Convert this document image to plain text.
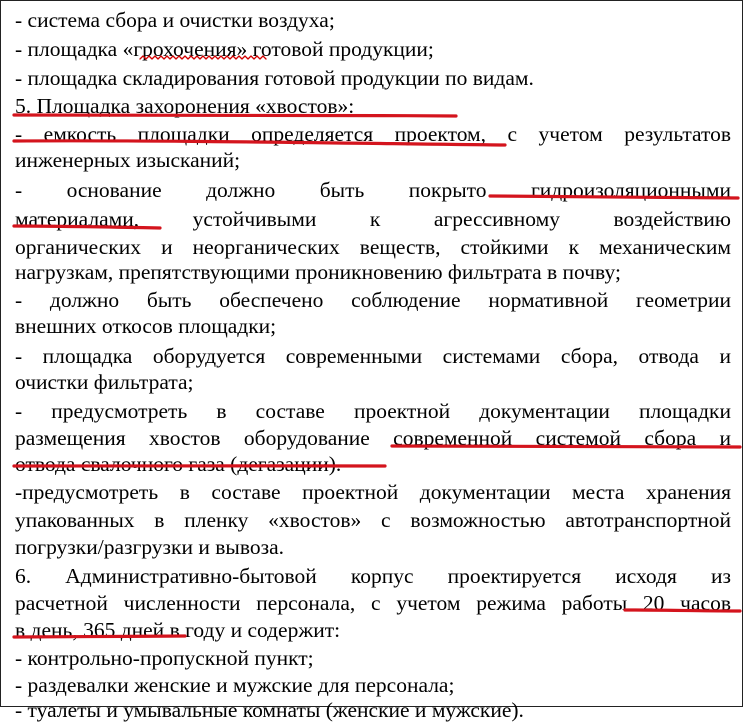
- система сбора и очистки воздуха;
- площадка «грохочения» готовой продукции;
- площадка складирования готовой продукции по видам.
5. Площадка захоронения «хвостов»:
- емкость площадки определяется проектом, с учетом результатов
инженерных изысканий;
- основание должно быть покрыто гидроизоляционными
материалами, устойчивыми к агрессивному воздействию
органических и неорганических веществ, стойкими к механическим
нагрузкам, препятствующими проникновению фильтрата в почву;
- должно быть обеспечено соблюдение нормативной геометрии
внешних откосов площадки;
- площадка оборудуется современными системами сбора, отвода и
очистки фильтрата;
- предусмотреть в составе проектной документации площадки
размещения хвостов оборудование современной системой сбора и
отвода свалочного газа (дегазации).
-предусмотреть в составе проектной документации места хранения
упакованных в пленку «хвостов» с возможностью автотранспортной
погрузки/разгрузки и вывоза.
6. Административно-бытовой корпус проектируется исходя из
расчетной численности персонала, с учетом режима работы 20 часов
в день, 365 дней в году и содержит:
- контрольно-пропускной пункт;
- раздевалки женские и мужские для персонала;
- туалеты и умывальные комнаты (женские и мужские).
